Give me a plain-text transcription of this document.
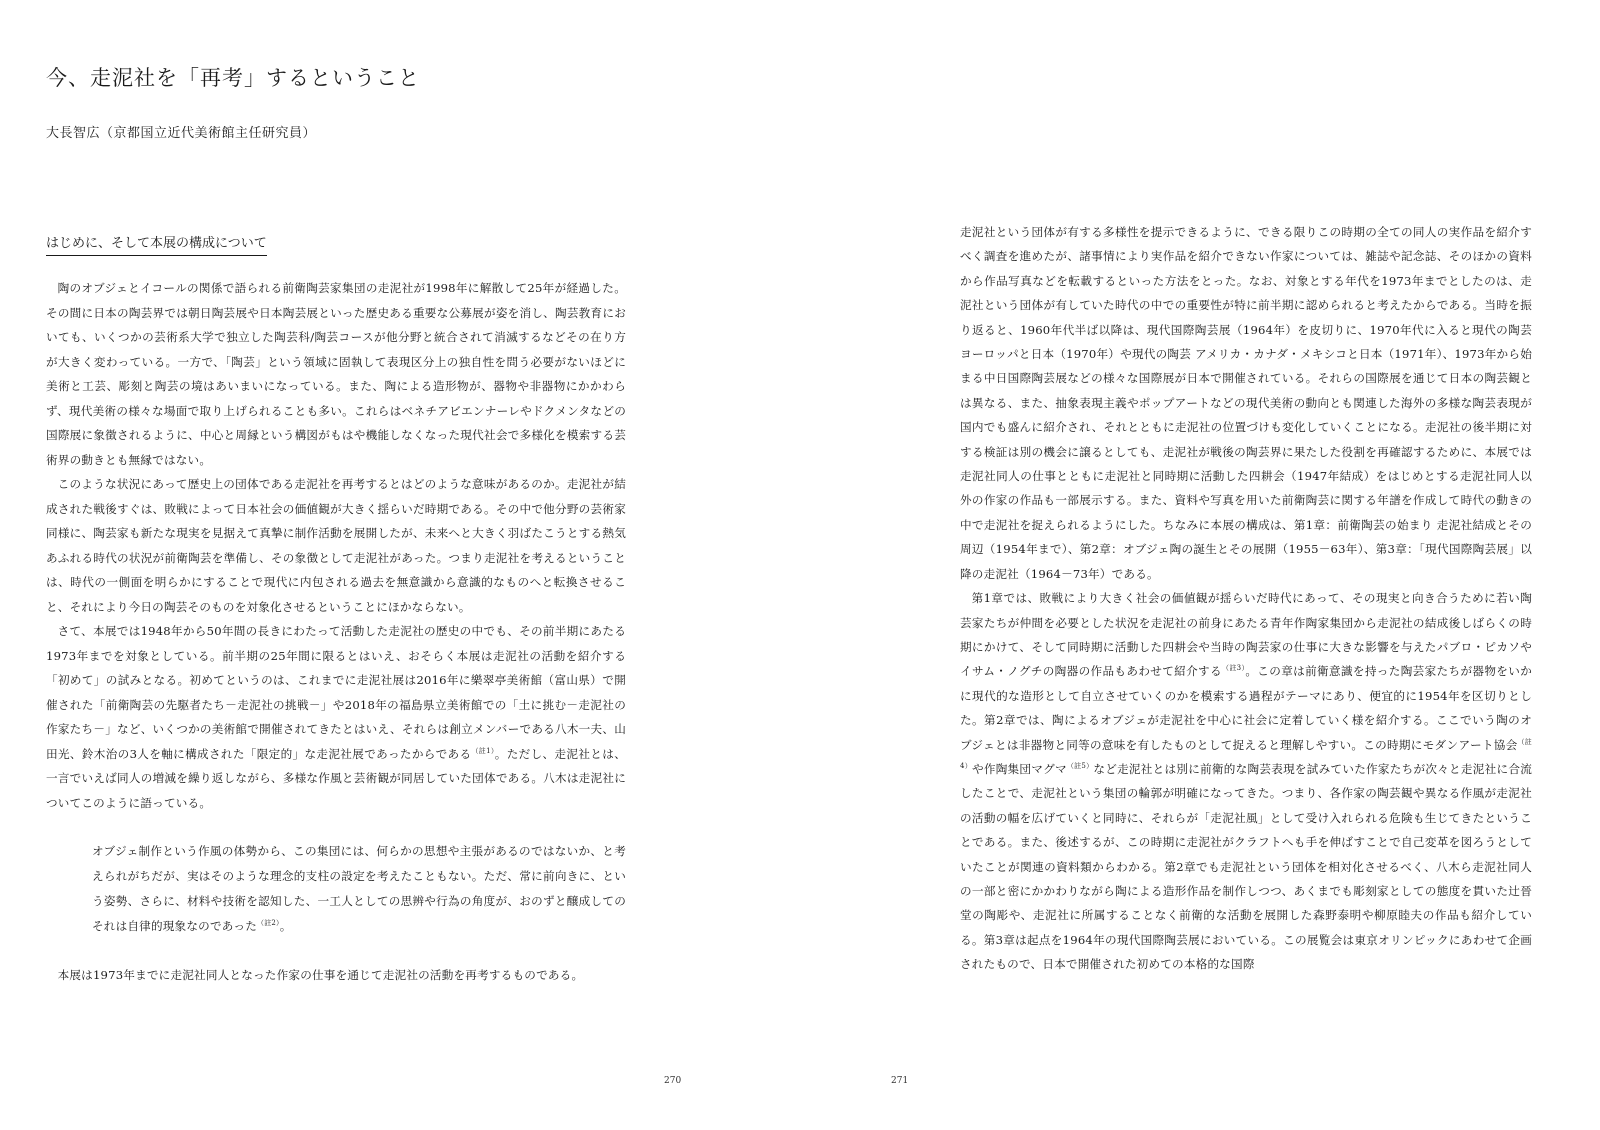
今、走泥社を「再考」するということ
大長智広（京都国立近代美術館主任研究員）
はじめに、そして本展の構成について

陶のオブジェとイコールの関係で語られる前衛陶芸家集団の走泥社が1998年に解散して25年が経過した。その間に日本の陶芸界では朝日陶芸展や日本陶芸展といった歴史ある重要な公募展が姿を消し、陶芸教育においても、いくつかの芸術系大学で独立した陶芸科/陶芸コースが他分野と統合されて消滅するなどその在り方が大きく変わっている。一方で、「陶芸」という領域に固執して表現区分上の独自性を問う必要がないほどに美術と工芸、彫刻と陶芸の境はあいまいになっている。また、陶による造形物が、器物や非器物にかかわらず、現代美術の様々な場面で取り上げられることも多い。これらはベネチアビエンナーレやドクメンタなどの国際展に象徴されるように、中心と周縁という構図がもはや機能しなくなった現代社会で多様化を模索する芸術界の動きとも無縁ではない。

このような状況にあって歴史上の団体である走泥社を再考するとはどのような意味があるのか。走泥社が結成された戦後すぐは、敗戦によって日本社会の価値観が大きく揺らいだ時期である。その中で他分野の芸術家同様に、陶芸家も新たな現実を見据えて真摯に制作活動を展開したが、未来へと大きく羽ばたこうとする熱気あふれる時代の状況が前衛陶芸を準備し、その象徴として走泥社があった。つまり走泥社を考えるということは、時代の一側面を明らかにすることで現代に内包される過去を無意識から意識的なものへと転換させること、それにより今日の陶芸そのものを対象化させるということにほかならない。

さて、本展では1948年から50年間の長きにわたって活動した走泥社の歴史の中でも、その前半期にあたる1973年までを対象としている。前半期の25年間に限るとはいえ、おそらく本展は走泥社の活動を紹介する「初めて」の試みとなる。初めてというのは、これまでに走泥社展は2016年に樂翠亭美術館（富山県）で開催された「前衛陶芸の先駆者たち－走泥社の挑戦－」や2018年の福島県立美術館での「土に挑む－走泥社の作家たち－」など、いくつかの美術館で開催されてきたとはいえ、それらは創立メンバーである八木一夫、山田光、鈴木治の3人を軸に構成された「限定的」な走泥社展であったからである$^{(註1)}$。ただし、走泥社とは、一言でいえば同人の増減を繰り返しながら、多様な作風と芸術観が同居していた団体である。八木は走泥社についてこのように語っている。

オブジェ制作という作風の体勢から、この集団には、何らかの思想や主張があるのではないか、と考えられがちだが、実はそのような理念的支柱の設定を考えたこともない。ただ、常に前向きに、という姿勢、さらに、材料や技術を認知した、一工人としての思辨や行為の角度が、おのずと醸成してのそれは自律的現象なのであった$^{(註2)}$。

本展は1973年までに走泥社同人となった作家の仕事を通じて走泥社の活動を再考するものである。

270

走泥社という団体が有する多様性を提示できるように、できる限りこの時期の全ての同人の実作品を紹介すべく調査を進めたが、諸事情により実作品を紹介できない作家については、雑誌や記念誌、そのほかの資料から作品写真などを転載するといった方法をとった。なお、対象とする年代を1973年までとしたのは、走泥社という団体が有していた時代の中での重要性が特に前半期に認められると考えたからである。当時を振り返ると、1960年代半ば以降は、現代国際陶芸展（1964年）を皮切りに、1970年代に入ると現代の陶芸 ヨーロッパと日本（1970年）や現代の陶芸 アメリカ・カナダ・メキシコと日本（1971年）、1973年から始まる中日国際陶芸展などの様々な国際展が日本で開催されている。それらの国際展を通じて日本の陶芸観とは異なる、また、抽象表現主義やポップアートなどの現代美術の動向とも関連した海外の多様な陶芸表現が国内でも盛んに紹介され、それとともに走泥社の位置づけも変化していくことになる。走泥社の後半期に対する検証は別の機会に譲るとしても、走泥社が戦後の陶芸界に果たした役割を再確認するために、本展では走泥社同人の仕事とともに走泥社と同時期に活動した四耕会（1947年結成）をはじめとする走泥社同人以外の作家の作品も一部展示する。また、資料や写真を用いた前衛陶芸に関する年譜を作成して時代の動きの中で走泥社を捉えられるようにした。ちなみに本展の構成は、第1章：前衛陶芸の始まり 走泥社結成とその周辺（1954年まで）、第2章：オブジェ陶の誕生とその展開（1955－63年）、第3章：「現代国際陶芸展」以降の走泥社（1964－73年）である。

第1章では、敗戦により大きく社会の価値観が揺らいだ時代にあって、その現実と向き合うために若い陶芸家たちが仲間を必要とした状況を走泥社の前身にあたる青年作陶家集団から走泥社の結成後しばらくの時期にかけて、そして同時期に活動した四耕会や当時の陶芸家の仕事に大きな影響を与えたパブロ・ピカソやイサム・ノグチの陶器の作品もあわせて紹介する$^{(註3)}$。この章は前衛意識を持った陶芸家たちが器物をいかに現代的な造形として自立させていくのかを模索する過程がテーマにあり、便宜的に1954年を区切りとした。第2章では、陶によるオブジェが走泥社を中心に社会に定着していく様を紹介する。ここでいう陶のオブジェとは非器物と同等の意味を有したものとして捉えると理解しやすい。この時期にモダンアート協会$^{(註4)}$や作陶集団マグマ$^{(註5)}$など走泥社とは別に前衛的な陶芸表現を試みていた作家たちが次々と走泥社に合流したことで、走泥社という集団の輪郭が明確になってきた。つまり、各作家の陶芸観や異なる作風が走泥社の活動の幅を広げていくと同時に、それらが「走泥社風」として受け入れられる危険も生じてきたということである。また、後述するが、この時期に走泥社がクラフトへも手を伸ばすことで自己変革を図ろうとしていたことが関連の資料類からわかる。第2章でも走泥社という団体を相対化させるべく、八木ら走泥社同人の一部と密にかかわりながら陶による造形作品を制作しつつ、あくまでも彫刻家としての態度を貫いた辻晉堂の陶彫や、走泥社に所属することなく前衛的な活動を展開した森野泰明や柳原睦夫の作品も紹介している。第3章は起点を1964年の現代国際陶芸展においている。この展覧会は東京オリンピックにあわせて企画されたもので、日本で開催された初めての本格的な国際

271
